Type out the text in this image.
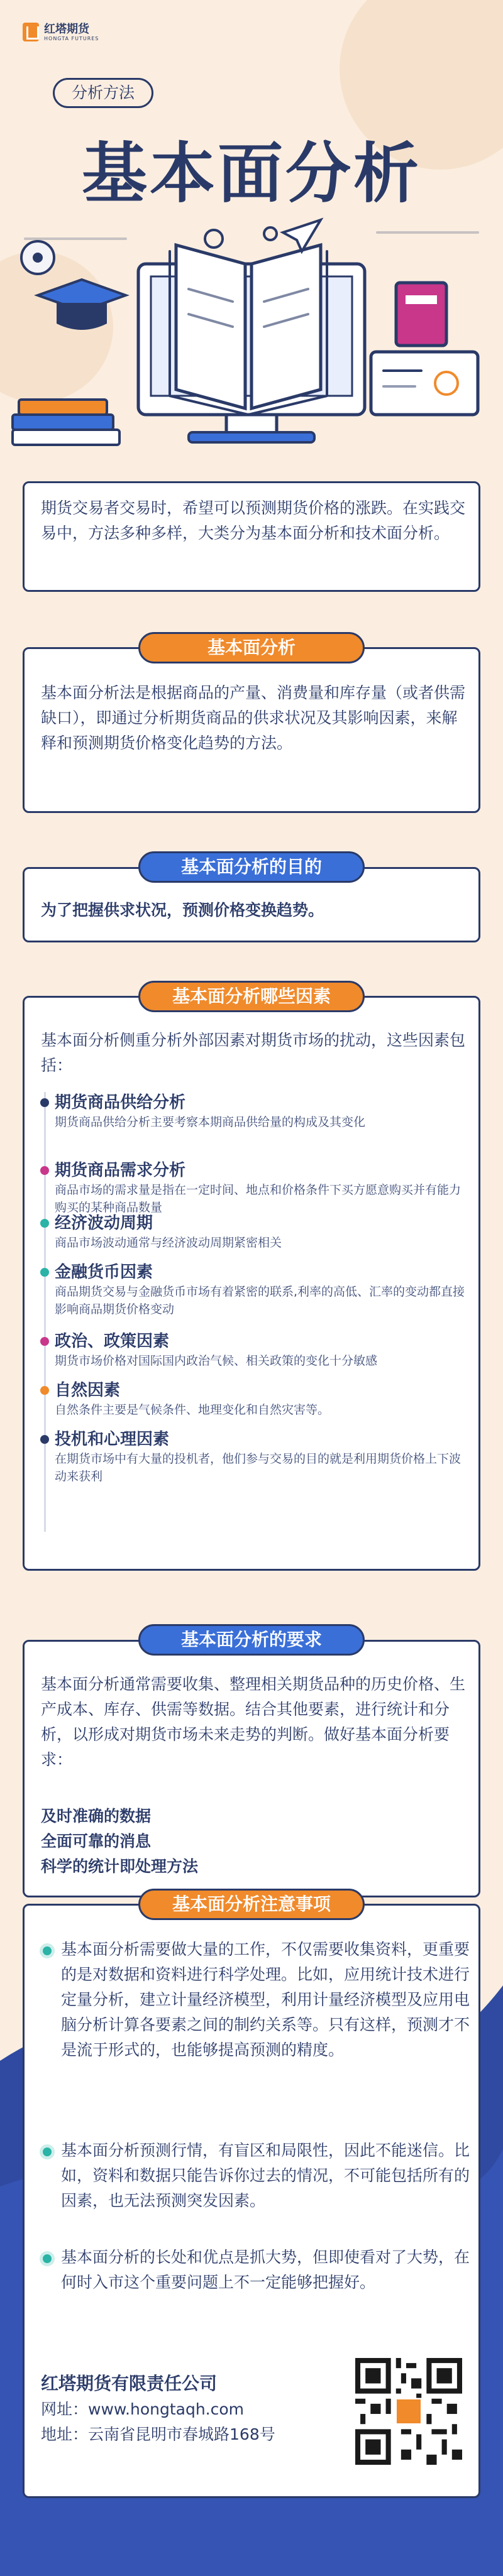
红塔期货
HONGTA FUTURES
分析方法
基本面分析

期货交易者交易时，希望可以预测期货价格的涨跌。在实践交易中，方法多种多样，大类分为基本面分析和技术面分析。

基本面分析法是根据商品的产量、消费量和库存量（或者供需缺口），即通过分析期货商品的供求状况及其影响因素，来解释和预测期货价格变化趋势的方法。

基本面分析

为了把握供求状况，预测价格变换趋势。

基本面分析的目的

基本面分析侧重分析外部因素对期货市场的扰动，这些因素包括：

期货商品供给分析
期货商品供给分析主要考察本期商品供给量的构成及其变化
期货商品需求分析
商品市场的需求量是指在一定时间、地点和价格条件下买方愿意购买并有能力购买的某种商品数量
经济波动周期
商品市场波动通常与经济波动周期紧密相关
金融货币因素
商品期货交易与金融货币市场有着紧密的联系,利率的高低、汇率的变动都直接影响商品期货价格变动
政治、政策因素
期货市场价格对国际国内政治气候、相关政策的变化十分敏感
自然因素
自然条件主要是气候条件、地理变化和自然灾害等。
投机和心理因素
在期货市场中有大量的投机者，他们参与交易的目的就是利用期货价格上下波动来获利
基本面分析哪些因素

基本面分析通常需要收集、整理相关期货品种的历史价格、生产成本、库存、供需等数据。结合其他要素，进行统计和分析，以形成对期货市场未来走势的判断。做好基本面分析要求：

及时准确的数据

全面可靠的消息

科学的统计即处理方法

基本面分析的要求

基本面分析需要做大量的工作，不仅需要收集资料，更重要的是对数据和资料进行科学处理。比如，应用统计技术进行定量分析，建立计量经济模型，利用计量经济模型及应用电脑分析计算各要素之间的制约关系等。只有这样，预测才不是流于形式的，也能够提高预测的精度。

基本面分析预测行情，有盲区和局限性，因此不能迷信。比如，资料和数据只能告诉你过去的情况，不可能包括所有的因素，也无法预测突发因素。

基本面分析的长处和优点是抓大势，但即使看对了大势，在何时入市这个重要问题上不一定能够把握好。

红塔期货有限责任公司

网址：www.hongtaqh.com

地址：云南省昆明市春城路168号

基本面分析注意事项
